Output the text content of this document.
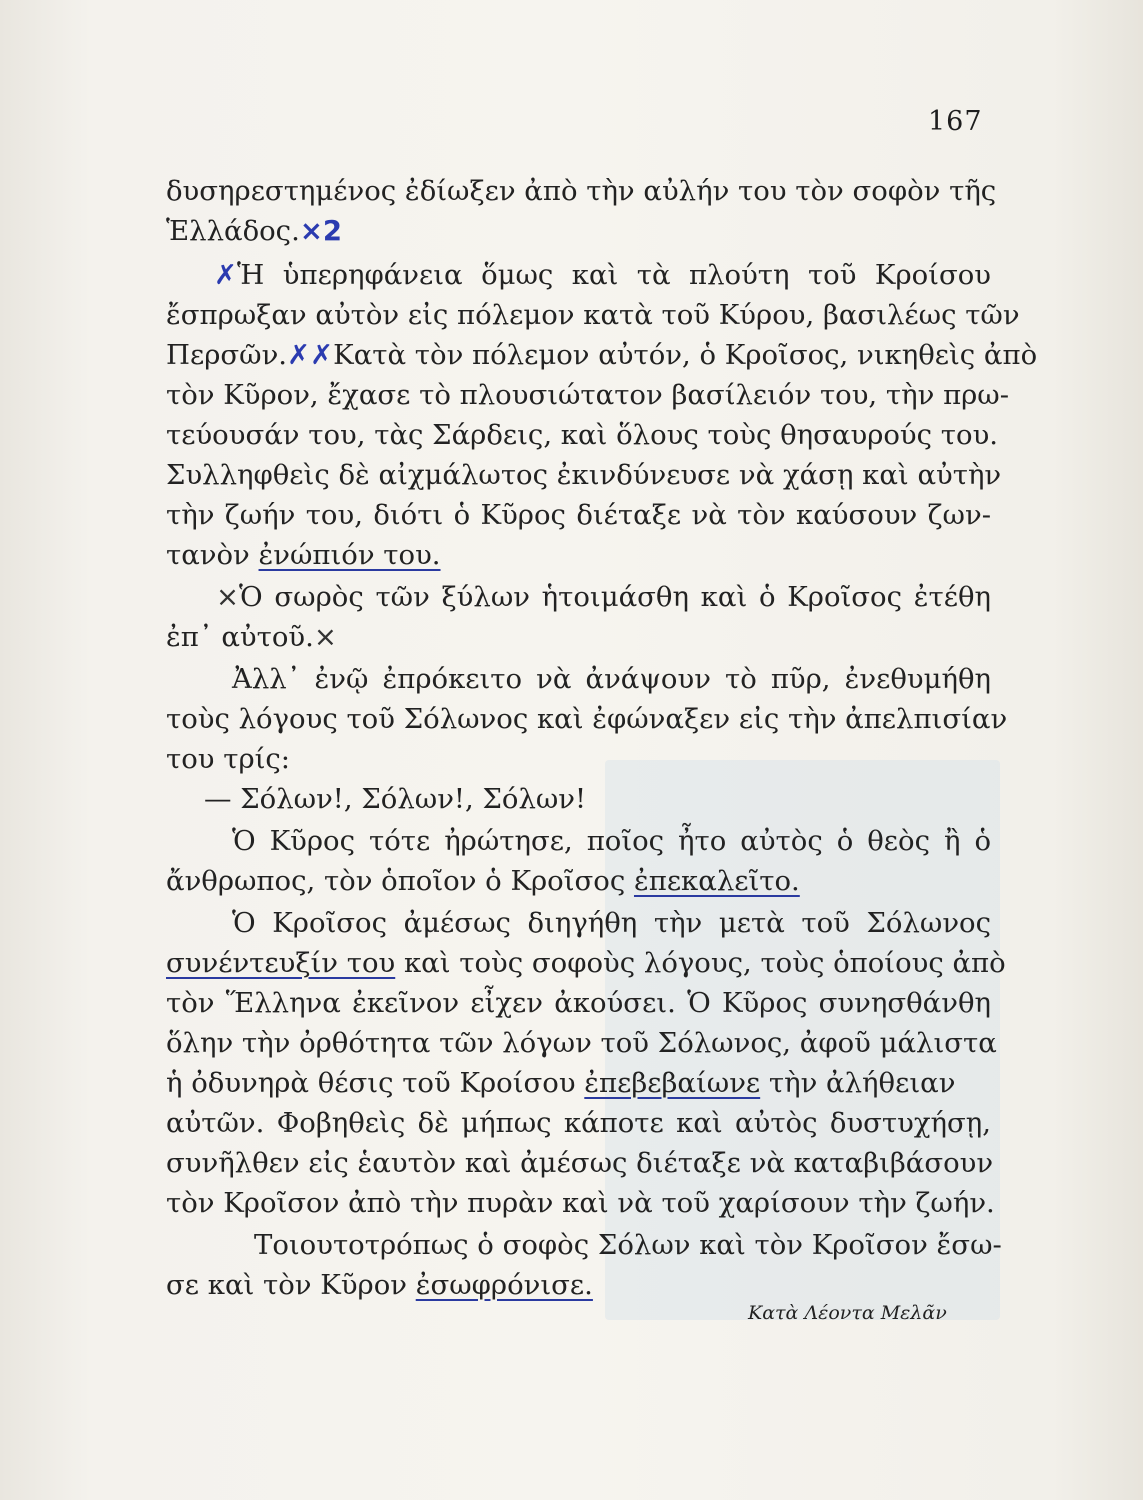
167
δυσηρεστημένος ἐδίωξεν ἀπὸ τὴν αὐλήν του τὸν σοφὸν τῆς
Ἑλλάδος.×2
✗Ἡ ὑπερηφάνεια ὅμως καὶ τὰ πλούτη τοῦ Κροίσου
ἔσπρωξαν αὐτὸν εἰς πόλεμον κατὰ τοῦ Κύρου, βασιλέως τῶν
Περσῶν.✗✗Κατὰ τὸν πόλεμον αὐτόν, ὁ Κροῖσος, νικηθεὶς ἀπὸ
τὸν Κῦρον, ἔχασε τὸ πλουσιώτατον βασίλειόν του, τὴν πρω-
τεύουσάν του, τὰς Σάρδεις, καὶ ὅλους τοὺς θησαυρούς του.
Συλληφθεὶς δὲ αἰχμάλωτος ἐκινδύνευσε νὰ χάσῃ καὶ αὐτὴν
τὴν ζωήν του, διότι ὁ Κῦρος διέταξε νὰ τὸν καύσουν ζων-
τανὸν ἐνώπιόν του.
×Ὁ σωρὸς τῶν ξύλων ἡτοιμάσθη καὶ ὁ Κροῖσος ἐτέθη
ἐπ᾿ αὐτοῦ.×
Ἀλλ᾿ ἐνῷ ἐπρόκειτο νὰ ἀνάψουν τὸ πῦρ, ἐνεθυμήθη
τοὺς λόγους τοῦ Σόλωνος καὶ ἐφώναξεν εἰς τὴν ἀπελπισίαν
του τρίς:
— Σόλων!, Σόλων!, Σόλων!
Ὁ Κῦρος τότε ἠρώτησε, ποῖος ἦτο αὐτὸς ὁ θεὸς ἢ ὁ
ἄνθρωπος, τὸν ὁποῖον ὁ Κροῖσος ἐπεκαλεῖτο.
Ὁ Κροῖσος ἀμέσως διηγήθη τὴν μετὰ τοῦ Σόλωνος
συνέντευξίν του καὶ τοὺς σοφοὺς λόγους, τοὺς ὁποίους ἀπὸ
τὸν Ἕλληνα ἐκεῖνον εἶχεν ἀκούσει. Ὁ Κῦρος συνησθάνθη
ὅλην τὴν ὀρθότητα τῶν λόγων τοῦ Σόλωνος, ἀφοῦ μάλιστα
ἡ ὀδυνηρὰ θέσις τοῦ Κροίσου ἐπεβεβαίωνε τὴν ἀλήθειαν
αὐτῶν. Φοβηθεὶς δὲ μήπως κάποτε καὶ αὐτὸς δυστυχήσῃ,
συνῆλθεν εἰς ἑαυτὸν καὶ ἀμέσως διέταξε νὰ καταβιβάσουν
τὸν Κροῖσον ἀπὸ τὴν πυρὰν καὶ νὰ τοῦ χαρίσουν τὴν ζωήν.
Τοιουτοτρόπως ὁ σοφὸς Σόλων καὶ τὸν Κροῖσον ἔσω-
σε καὶ τὸν Κῦρον ἐσωφρόνισε.
Κατὰ Λέοντα Μελᾶν
